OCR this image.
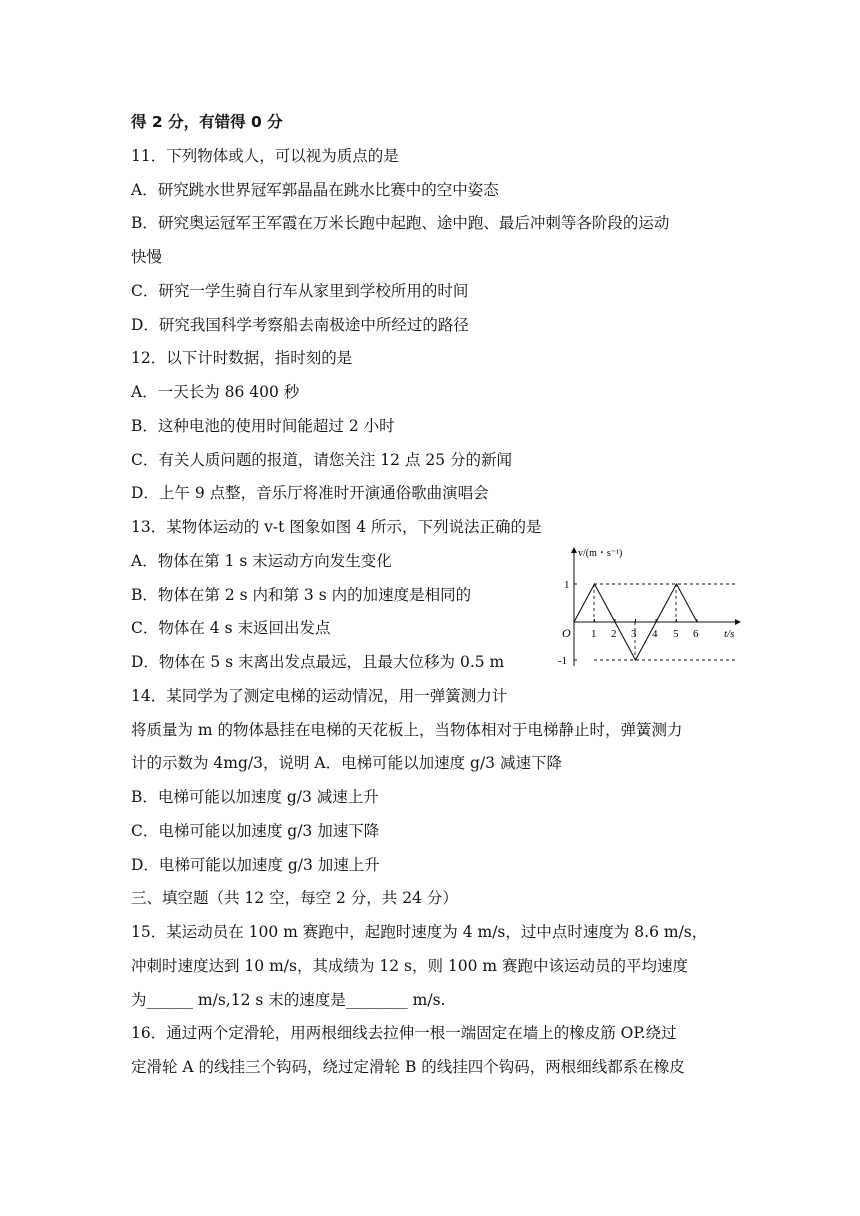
得 2 分，有错得 0 分
11．下列物体或人，可以视为质点的是
A．研究跳水世界冠军郭晶晶在跳水比赛中的空中姿态
B．研究奥运冠军王军霞在万米长跑中起跑、途中跑、最后冲刺等各阶段的运动
快慢
C．研究一学生骑自行车从家里到学校所用的时间
D．研究我国科学考察船去南极途中所经过的路径
12．以下计时数据，指时刻的是
A．一天长为 86 400 秒
B．这种电池的使用时间能超过 2 小时
C．有关人质问题的报道，请您关注 12 点 25 分的新闻
D．上午 9 点整，音乐厅将准时开演通俗歌曲演唱会
13．某物体运动的 v-t 图象如图 4 所示，下列说法正确的是
A．物体在第 1 s 末运动方向发生变化
B．物体在第 2 s 内和第 3 s 内的加速度是相同的
C．物体在 4 s 末返回出发点
D．物体在 5 s 末离出发点最远，且最大位移为 0.5 m
14．某同学为了测定电梯的运动情况，用一弹簧测力计
将质量为 m 的物体悬挂在电梯的天花板上，当物体相对于电梯静止时，弹簧测力
计的示数为 4mg/3，说明 A．电梯可能以加速度 g/3 减速下降
B．电梯可能以加速度 g/3 减速上升
C．电梯可能以加速度 g/3 加速下降
D．电梯可能以加速度 g/3 加速上升
三、填空题（共 12 空，每空 2 分，共 24 分）
15．某运动员在 100 m 赛跑中，起跑时速度为 4 m/s，过中点时速度为 8.6 m/s，
冲刺时速度达到 10 m/s，其成绩为 12 s，则 100 m 赛跑中该运动员的平均速度
为______ m/s,12 s 末的速度是________ m/s.
16．通过两个定滑轮，用两根细线去拉伸一根一端固定在墙上的橡皮筋 OP.绕过
定滑轮 A 的线挂三个钩码，绕过定滑轮 B 的线挂四个钩码，两根细线都系在橡皮
v/(m・s⁻¹)
t/s
O 1 2 3 4 5 6
1
-1
